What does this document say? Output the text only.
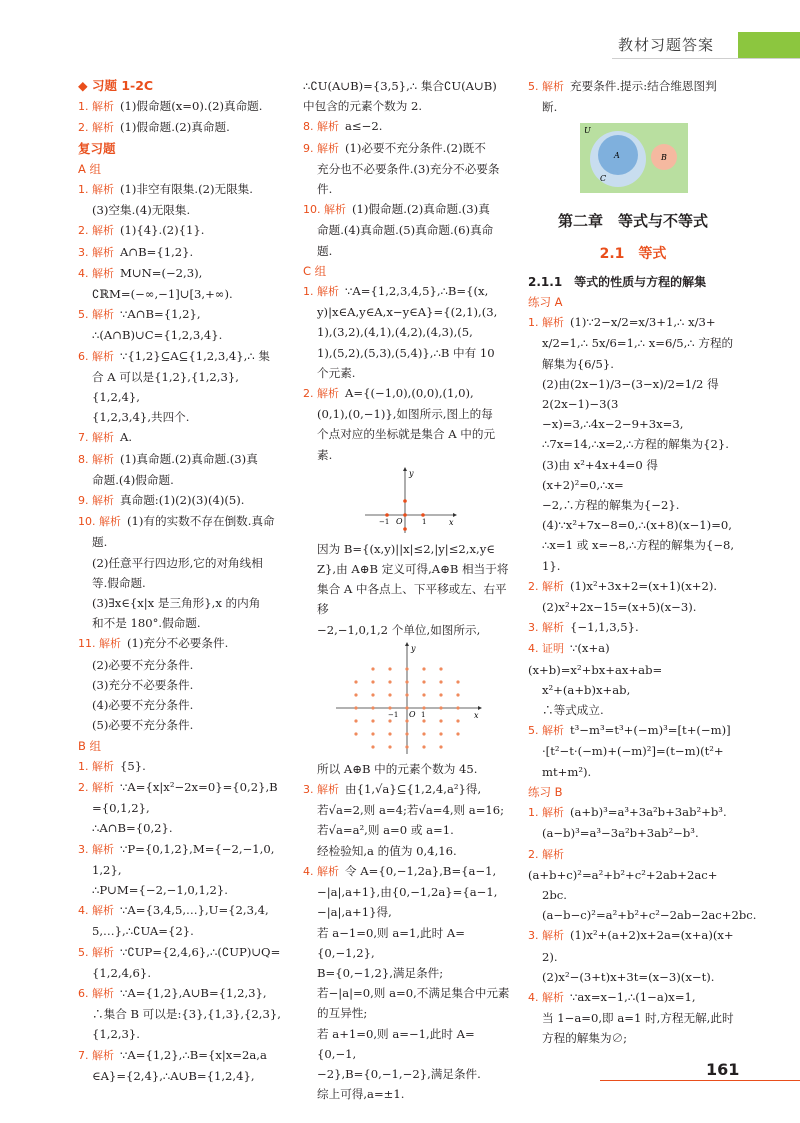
教材习题答案

◆ 习题 1-2C

1. 解析 (1)假命题(x=0).(2)真命题.

2. 解析 (1)假命题.(2)真命题.

复习题

A 组

1. 解析 (1)非空有限集.(2)无限集.

(3)空集.(4)无限集.

2. 解析 (1){4}.(2){1}.

3. 解析 A∩B={1,2}.

4. 解析 M∪N=(−2,3),

∁ℝM=(−∞,−1]∪[3,+∞).

5. 解析 ∵A∩B={1,2},

∴(A∩B)∪C={1,2,3,4}.

6. 解析 ∵{1,2}⊆A⊆{1,2,3,4},∴ 集

合 A 可以是{1,2},{1,2,3},{1,2,4},

{1,2,3,4},共四个.

7. 解析 A.

8. 解析 (1)真命题.(2)真命题.(3)真

命题.(4)假命题.

9. 解析 真命题:(1)(2)(3)(4)(5).

10. 解析 (1)有的实数不存在倒数.真命

题.

(2)任意平行四边形,它的对角线相

等.假命题.

(3)∃x∈{x|x 是三角形},x 的内角

和不是 180°.假命题.

11. 解析 (1)充分不必要条件.

(2)必要不充分条件.

(3)充分不必要条件.

(4)必要不充分条件.

(5)必要不充分条件.

B 组

1. 解析 {5}.

2. 解析 ∵A={x|x²−2x=0}={0,2},B

={0,1,2},

∴A∩B={0,2}.

3. 解析 ∵P={0,1,2},M={−2,−1,0,

1,2},

∴P∪M={−2,−1,0,1,2}.

4. 解析 ∵A={3,4,5,…},U={2,3,4,

5,…},∴∁UA={2}.

5. 解析 ∵∁UP={2,4,6},∴(∁UP)∪Q=

{1,2,4,6}.

6. 解析 ∵A={1,2},A∪B={1,2,3},

∴集合 B 可以是:{3},{1,3},{2,3},

{1,2,3}.

7. 解析 ∵A={1,2},∴B={x|x=2a,a

∈A}={2,4},∴A∪B={1,2,4},

∴∁U(A∪B)={3,5},∴ 集合∁U(A∪B)

中包含的元素个数为 2.

8. 解析 a≤−2.

9. 解析 (1)必要不充分条件.(2)既不

充分也不必要条件.(3)充分不必要条

件.

10. 解析 (1)假命题.(2)真命题.(3)真

命题.(4)真命题.(5)真命题.(6)真命

题.

C 组

1. 解析 ∵A={1,2,3,4,5},∴B={(x,

y)|x∈A,y∈A,x−y∈A}={(2,1),(3,

1),(3,2),(4,1),(4,2),(4,3),(5,

1),(5,2),(5,3),(5,4)},∴B 中有 10

个元素.

2. 解析 A={(−1,0),(0,0),(1,0),

(0,1),(0,−1)},如图所示,图上的每

个点对应的坐标就是集合 A 中的元素.

x
y
O
−1	1

因为 B={(x,y)||x|≤2,|y|≤2,x,y∈

Z},由 A⊕B 定义可得,A⊕B 相当于将

集合 A 中各点上、下平移或左、右平移

−2,−1,0,1,2 个单位,如图所示,

x
y
O
−1	1

所以 A⊕B 中的元素个数为 45.

3. 解析 由{1,√a}⊆{1,2,4,a²}得,

若√a=2,则 a=4;若√a=4,则 a=16;

若√a=a²,则 a=0 或 a=1.

经检验知,a 的值为 0,4,16.

4. 解析 令 A={0,−1,2a},B={a−1,

−|a|,a+1},由{0,−1,2a}={a−1,

−|a|,a+1}得,

若 a−1=0,则 a=1,此时 A={0,−1,2},

B={0,−1,2},满足条件;

若−|a|=0,则 a=0,不满足集合中元素

的互异性;

若 a+1=0,则 a=−1,此时 A={0,−1,

−2},B={0,−1,−2},满足条件.

综上可得,a=±1.

5. 解析 充要条件.提示:结合维恩图判

断.

U
A	B
C

第二章　等式与不等式

2.1　等式

2.1.1　等式的性质与方程的解集

练习 A

1. 解析 (1)∵2−x/2=x/3+1,∴ x/3+

x/2=1,∴ 5x/6=1,∴ x=6/5,∴ 方程的

解集为{6/5}.

(2)由(2x−1)/3−(3−x)/2=1/2 得 2(2x−1)−3(3

−x)=3,∴4x−2−9+3x=3,

∴7x=14,∴x=2,∴方程的解集为{2}.

(3)由 x²+4x+4=0 得(x+2)²=0,∴x=

−2,∴方程的解集为{−2}.

(4)∵x²+7x−8=0,∴(x+8)(x−1)=0,

∴x=1 或 x=−8,∴方程的解集为{−8,

1}.

2. 解析 (1)x²+3x+2=(x+1)(x+2).

(2)x²+2x−15=(x+5)(x−3).

3. 解析 {−1,1,3,5}.

4. 证明 ∵(x+a)(x+b)=x²+bx+ax+ab=

x²+(a+b)x+ab,

∴等式成立.

5. 解析 t³−m³=t³+(−m)³=[t+(−m)]

·[t²−t·(−m)+(−m)²]=(t−m)(t²+

mt+m²).

练习 B

1. 解析 (a+b)³=a³+3a²b+3ab²+b³.

(a−b)³=a³−3a²b+3ab²−b³.

2. 解析(a+b+c)²=a²+b²+c²+2ab+2ac+

2bc.

(a−b−c)²=a²+b²+c²−2ab−2ac+2bc.

3. 解析 (1)x²+(a+2)x+2a=(x+a)(x+

2).

(2)x²−(3+t)x+3t=(x−3)(x−t).

4. 解析 ∵ax=x−1,∴(1−a)x=1,

当 1−a=0,即 a=1 时,方程无解,此时

方程的解集为∅;

161
